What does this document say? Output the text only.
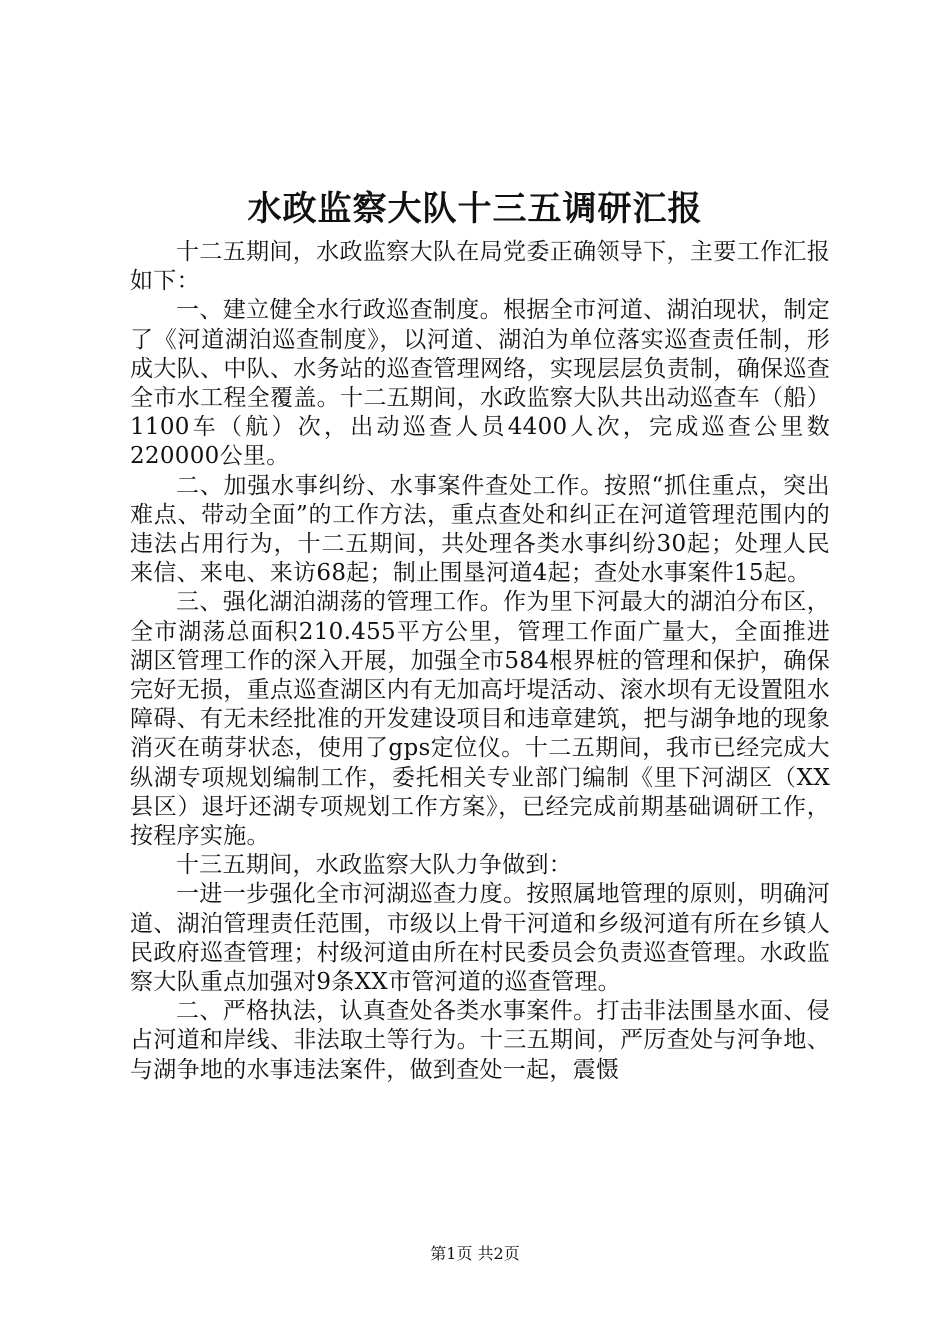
水政监察大队十三五调研汇报

十二五期间，水政监察大队在局党委正确领导下，主要工作汇报如下：

一、建立健全水行政巡查制度。根据全市河道、湖泊现状，制定了《河道湖泊巡查制度》，以河道、湖泊为单位落实巡查责任制，形成大队、中队、水务站的巡查管理网络，实现层层负责制，确保巡查全市水工程全覆盖。十二五期间，水政监察大队共出动巡查车（船）1100车（航）次，出动巡查人员4400人次，完成巡查公里数220000公里。

二、加强水事纠纷、水事案件查处工作。按照“抓住重点，突出难点、带动全面”的工作方法，重点查处和纠正在河道管理范围内的违法占用行为，十二五期间，共处理各类水事纠纷30起；处理人民来信、来电、来访68起；制止围垦河道4起；查处水事案件15起。

三、强化湖泊湖荡的管理工作。作为里下河最大的湖泊分布区，全市湖荡总面积210.455平方公里，管理工作面广量大，全面推进湖区管理工作的深入开展，加强全市584根界桩的管理和保护，确保完好无损，重点巡查湖区内有无加高圩堤活动、滚水坝有无设置阻水障碍、有无未经批准的开发建设项目和违章建筑，把与湖争地的现象消灭在萌芽状态，使用了gps定位仪。十二五期间，我市已经完成大纵湖专项规划编制工作，委托相关专业部门编制《里下河湖区（XX县区）退圩还湖专项规划工作方案》，已经完成前期基础调研工作，按程序实施。

十三五期间，水政监察大队力争做到：

一进一步强化全市河湖巡查力度。按照属地管理的原则，明确河道、湖泊管理责任范围，市级以上骨干河道和乡级河道有所在乡镇人民政府巡查管理；村级河道由所在村民委员会负责巡查管理。水政监察大队重点加强对9条XX市管河道的巡查管理。

二、严格执法，认真查处各类水事案件。打击非法围垦水面、侵占河道和岸线、非法取土等行为。十三五期间，严厉查处与河争地、与湖争地的水事违法案件，做到查处一起，震慑

第1页 共2页
